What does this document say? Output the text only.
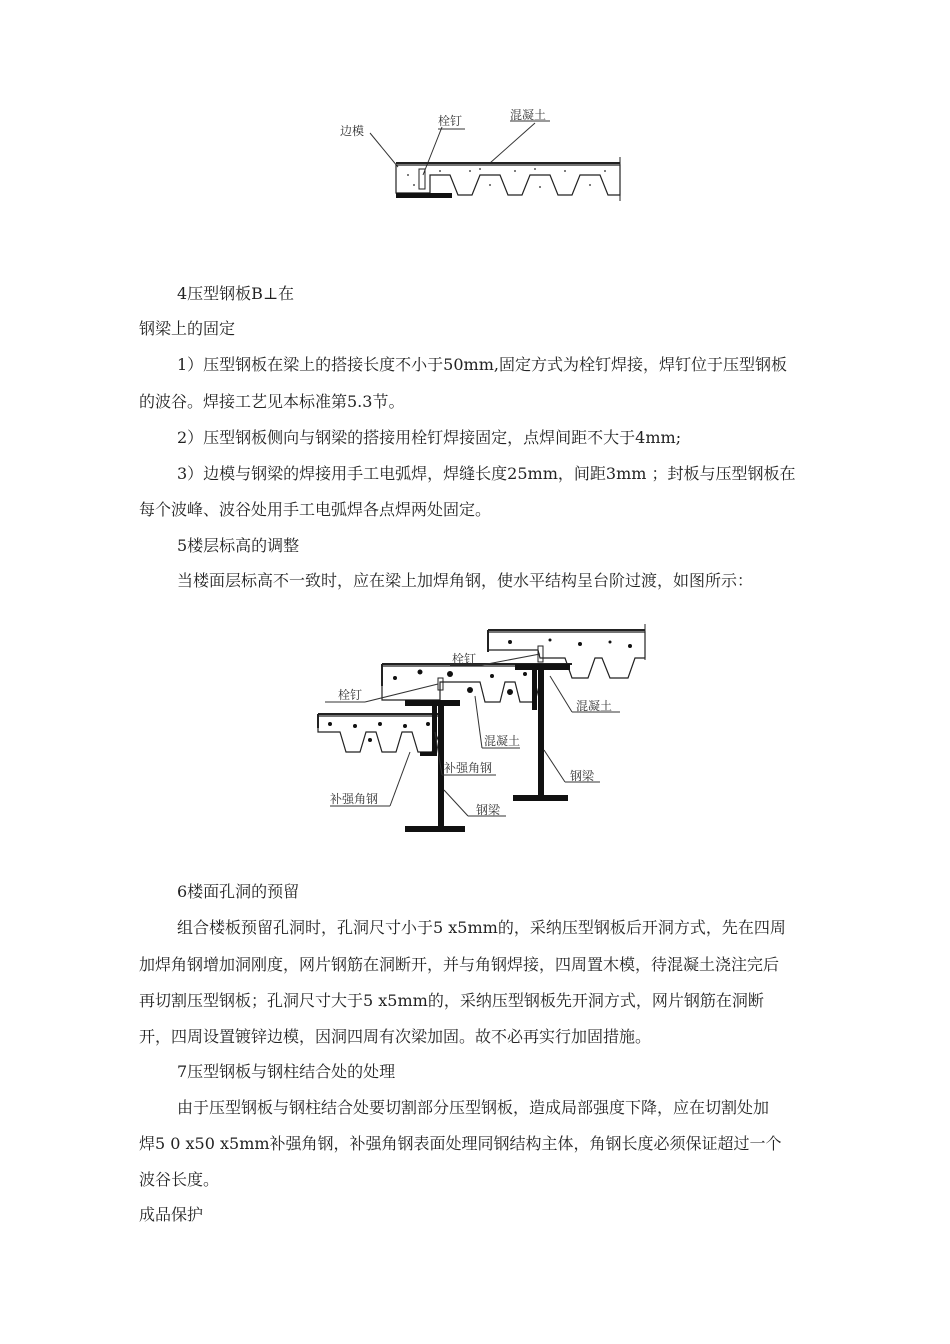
边模
栓钉	混凝土
4压型钢板В⊥在
钢梁上的固定
1）压型钢板在梁上的搭接长度不小于50mm,固定方式为栓钉焊接，焊钉位于压型钢板
的波谷。焊接工艺见本标准第5.3节。
2）压型钢板侧向与钢梁的搭接用栓钉焊接固定，点焊间距不大于4mm;
3）边模与钢梁的焊接用手工电弧焊，焊缝长度25mm，间距3mm ；封板与压型钢板在
每个波峰、波谷处用手工电弧焊各点焊两处固定。
5楼层标高的调整
当楼面层标高不一致时，应在梁上加焊角钢，使水平结构呈台阶过渡，如图所示：
栓钉
栓钉
混凝土
混凝土
补强角钢
补强角钢
钢梁
钢梁
6楼面孔洞的预留
组合楼板预留孔洞时，孔洞尺寸小于5 x5mm的，采纳压型钢板后开洞方式，先在四周
加焊角钢增加洞刚度，网片钢筋在洞断开，并与角钢焊接，四周置木模，待混凝土浇注完后
再切割压型钢板；孔洞尺寸大于5 x5mm的，采纳压型钢板先开洞方式，网片钢筋在洞断
开，四周设置镀锌边模，因洞四周有次梁加固。故不必再实行加固措施。
7压型钢板与钢柱结合处的处理
由于压型钢板与钢柱结合处要切割部分压型钢板，造成局部强度下降，应在切割处加
焊5 0 x50 x5mm补强角钢，补强角钢表面处理同钢结构主体，角钢长度必须保证超过一个
波谷长度。
成品保护
